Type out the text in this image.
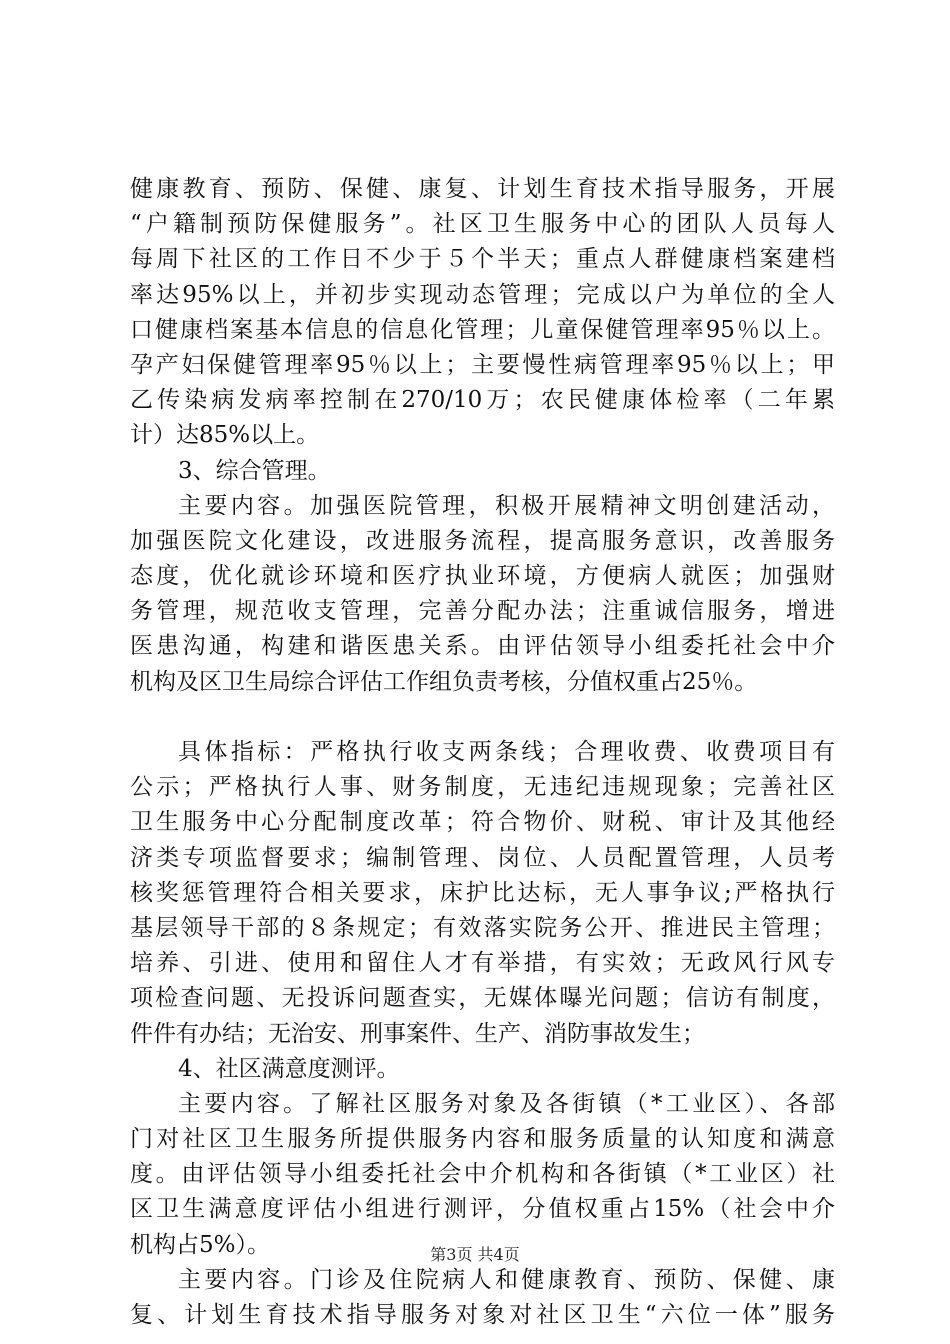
健康教育、预防、保健、康复、计划生育技术指导服务，开展
“户籍制预防保健服务”。社区卫生服务中心的团队人员每人
每周下社区的工作日不少于５个半天；重点人群健康档案建档
率达95%以上，并初步实现动态管理；完成以户为单位的全人
口健康档案基本信息的信息化管理；儿童保健管理率95％以上。
孕产妇保健管理率95％以上；主要慢性病管理率95％以上；甲
乙传染病发病率控制在270/10万；农民健康体检率（二年累
计）达85%以上。
3、综合管理。
主要内容。加强医院管理，积极开展精神文明创建活动，
加强医院文化建设，改进服务流程，提高服务意识，改善服务
态度，优化就诊环境和医疗执业环境，方便病人就医；加强财
务管理，规范收支管理，完善分配办法；注重诚信服务，增进
医患沟通，构建和谐医患关系。由评估领导小组委托社会中介
机构及区卫生局综合评估工作组负责考核，分值权重占25％。
具体指标：严格执行收支两条线；合理收费、收费项目有
公示；严格执行人事、财务制度，无违纪违规现象；完善社区
卫生服务中心分配制度改革；符合物价、财税、审计及其他经
济类专项监督要求；编制管理、岗位、人员配置管理，人员考
核奖惩管理符合相关要求，床护比达标，无人事争议;严格执行
基层领导干部的８条规定；有效落实院务公开、推进民主管理；
培养、引进、使用和留住人才有举措，有实效；无政风行风专
项检查问题、无投诉问题查实，无媒体曝光问题；信访有制度，
件件有办结；无治安、刑事案件、生产、消防事故发生；
4、社区满意度测评。
主要内容。了解社区服务对象及各街镇（*工业区）、各部
门对社区卫生服务所提供服务内容和服务质量的认知度和满意
度。由评估领导小组委托社会中介机构和各街镇（*工业区）社
区卫生满意度评估小组进行测评，分值权重占15%（社会中介
机构占5%）。
主要内容。门诊及住院病人和健康教育、预防、保健、康
复、计划生育技术指导服务对象对社区卫生“六位一体”服务
第3页 共4页
